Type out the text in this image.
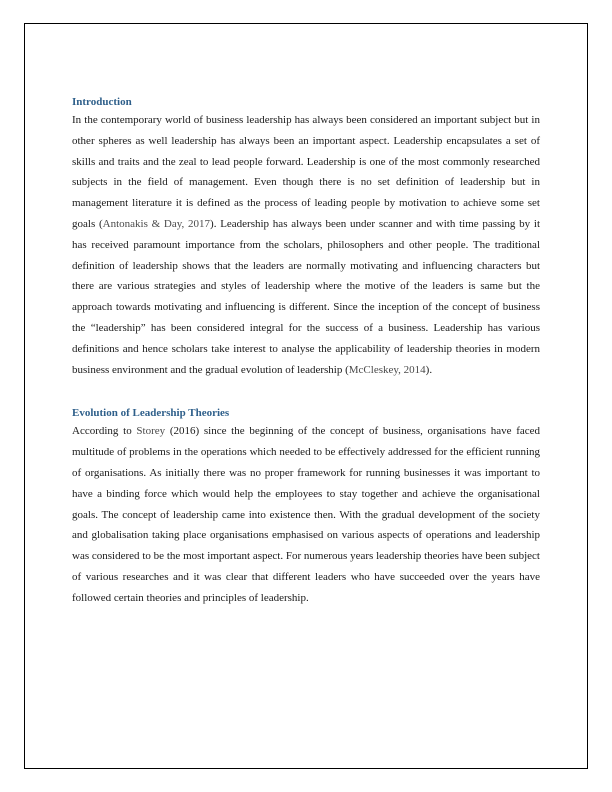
Introduction

In the contemporary world of business leadership has always been considered an important subject but in other spheres as well leadership has always been an important aspect. Leadership encapsulates a set of skills and traits and the zeal to lead people forward. Leadership is one of the most commonly researched subjects in the field of management. Even though there is no set definition of leadership but in management literature it is defined as the process of leading people by motivation to achieve some set goals (Antonakis & Day, 2017). Leadership has always been under scanner and with time passing by it has received paramount importance from the scholars, philosophers and other people. The traditional definition of leadership shows that the leaders are normally motivating and influencing characters but there are various strategies and styles of leadership where the motive of the leaders is same but the approach towards motivating and influencing is different. Since the inception of the concept of business the “leadership” has been considered integral for the success of a business. Leadership has various definitions and hence scholars take interest to analyse the applicability of leadership theories in modern business environment and the gradual evolution of leadership (McCleskey, 2014).

Evolution of Leadership Theories

According to Storey (2016) since the beginning of the concept of business, organisations have faced multitude of problems in the operations which needed to be effectively addressed for the efficient running of organisations. As initially there was no proper framework for running businesses it was important to have a binding force which would help the employees to stay together and achieve the organisational goals. The concept of leadership came into existence then. With the gradual development of the society and globalisation taking place organisations emphasised on various aspects of operations and leadership was considered to be the most important aspect. For numerous years leadership theories have been subject of various researches and it was clear that different leaders who have succeeded over the years have followed certain theories and principles of leadership.
